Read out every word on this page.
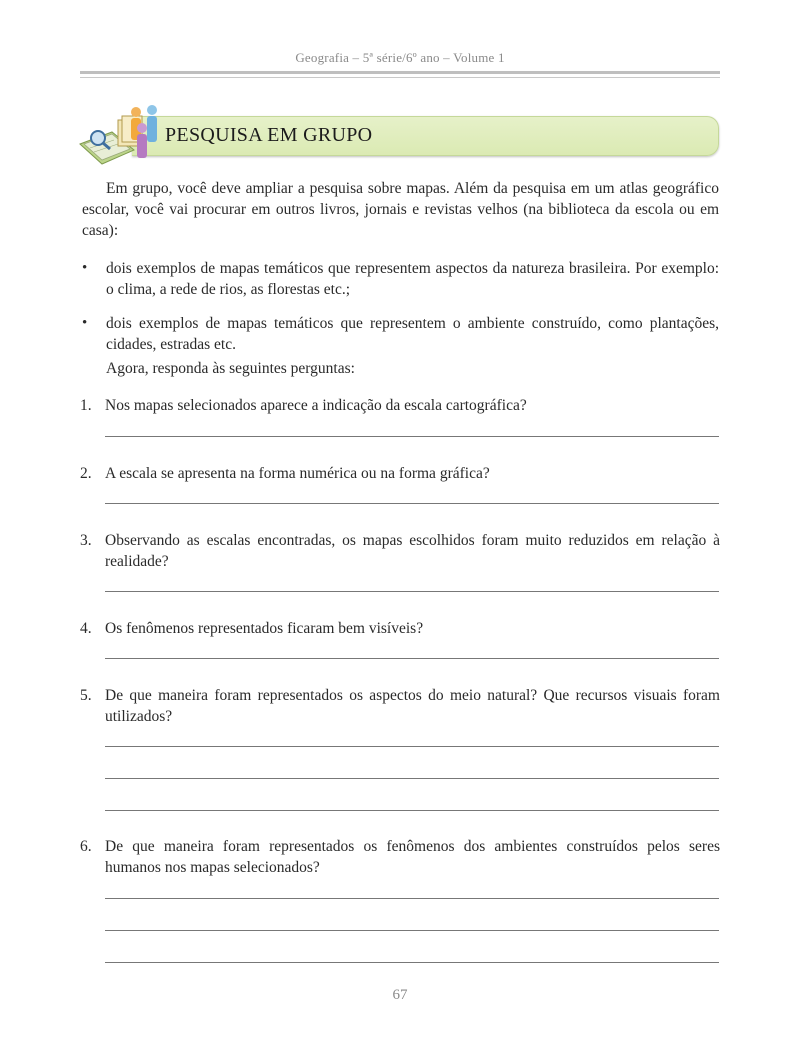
Geografia – 5ª série/6º ano – Volume 1
PESQUISA EM GRUPO
Em grupo, você deve ampliar a pesquisa sobre mapas. Além da pesquisa em um atlas geográfico escolar, você vai procurar em outros livros, jornais e revistas velhos (na biblioteca da escola ou em casa):
•	dois exemplos de mapas temáticos que representem aspectos da natureza brasileira. Por exemplo: o clima, a rede de rios, as florestas etc.;
•	dois exemplos de mapas temáticos que representem o ambiente construído, como plantações, cidades, estradas etc.
Agora, responda às seguintes perguntas:
1. Nos mapas selecionados aparece a indicação da escala cartográfica?
2. A escala se apresenta na forma numérica ou na forma gráfica?
3. Observando as escalas encontradas, os mapas escolhidos foram muito reduzidos em relação à realidade?
4. Os fenômenos representados ficaram bem visíveis?
5. De que maneira foram representados os aspectos do meio natural? Que recursos visuais foram utilizados?
6. De que maneira foram representados os fenômenos dos ambientes construídos pelos seres humanos nos mapas selecionados?
67
